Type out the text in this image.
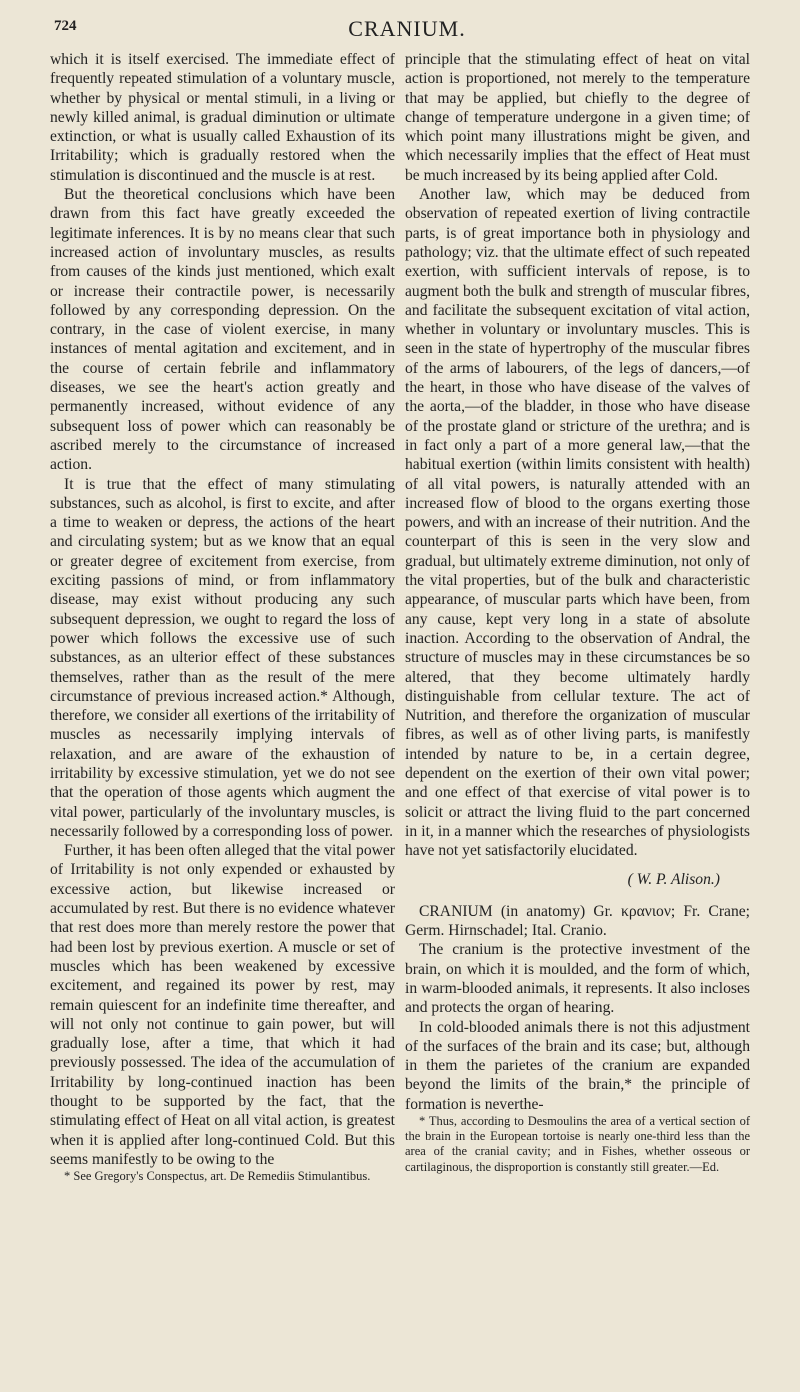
724	CRANIUM.

which it is itself exercised. The immediate effect of frequently repeated stimulation of a voluntary muscle, whether by physical or mental stimuli, in a living or newly killed animal, is gradual diminution or ultimate extinction, or what is usually called Exhaustion of its Irritability; which is gradually restored when the stimulation is discontinued and the muscle is at rest.

But the theoretical conclusions which have been drawn from this fact have greatly exceeded the legitimate inferences. It is by no means clear that such increased action of involuntary muscles, as results from causes of the kinds just mentioned, which exalt or increase their contractile power, is necessarily followed by any corresponding depression. On the contrary, in the case of violent exercise, in many instances of mental agitation and excitement, and in the course of certain febrile and inflammatory diseases, we see the heart's action greatly and permanently increased, without evidence of any subsequent loss of power which can reasonably be ascribed merely to the circumstance of increased action.

It is true that the effect of many stimulating substances, such as alcohol, is first to excite, and after a time to weaken or depress, the actions of the heart and circulating system; but as we know that an equal or greater degree of excitement from exercise, from exciting passions of mind, or from inflammatory disease, may exist without producing any such subsequent depression, we ought to regard the loss of power which follows the excessive use of such substances, as an ulterior effect of these substances themselves, rather than as the result of the mere circumstance of previous increased action.* Although, therefore, we consider all exertions of the irritability of muscles as necessarily implying intervals of relaxation, and are aware of the exhaustion of irritability by excessive stimulation, yet we do not see that the operation of those agents which augment the vital power, particularly of the involuntary muscles, is necessarily followed by a corresponding loss of power.

Further, it has been often alleged that the vital power of Irritability is not only expended or exhausted by excessive action, but likewise increased or accumulated by rest. But there is no evidence whatever that rest does more than merely restore the power that had been lost by previous exertion. A muscle or set of muscles which has been weakened by excessive excitement, and regained its power by rest, may remain quiescent for an indefinite time thereafter, and will not only not continue to gain power, but will gradually lose, after a time, that which it had previously possessed. The idea of the accumulation of Irritability by long-continued inaction has been thought to be supported by the fact, that the stimulating effect of Heat on all vital action, is greatest when it is applied after long-continued Cold. But this seems manifestly to be owing to the

* See Gregory's Conspectus, art. De Remediis Stimulantibus.

principle that the stimulating effect of heat on vital action is proportioned, not merely to the temperature that may be applied, but chiefly to the degree of change of temperature undergone in a given time; of which point many illustrations might be given, and which necessarily implies that the effect of Heat must be much increased by its being applied after Cold.

Another law, which may be deduced from observation of repeated exertion of living contractile parts, is of great importance both in physiology and pathology; viz. that the ultimate effect of such repeated exertion, with sufficient intervals of repose, is to augment both the bulk and strength of muscular fibres, and facilitate the subsequent excitation of vital action, whether in voluntary or involuntary muscles. This is seen in the state of hypertrophy of the muscular fibres of the arms of labourers, of the legs of dancers,—of the heart, in those who have disease of the valves of the aorta,—of the bladder, in those who have disease of the prostate gland or stricture of the urethra; and is in fact only a part of a more general law,—that the habitual exertion (within limits consistent with health) of all vital powers, is naturally attended with an increased flow of blood to the organs exerting those powers, and with an increase of their nutrition. And the counterpart of this is seen in the very slow and gradual, but ultimately extreme diminution, not only of the vital properties, but of the bulk and characteristic appearance, of muscular parts which have been, from any cause, kept very long in a state of absolute inaction. According to the observation of Andral, the structure of muscles may in these circumstances be so altered, that they become ultimately hardly distinguishable from cellular texture. The act of Nutrition, and therefore the organization of muscular fibres, as well as of other living parts, is manifestly intended by nature to be, in a certain degree, dependent on the exertion of their own vital power; and one effect of that exercise of vital power is to solicit or attract the living fluid to the part concerned in it, in a manner which the researches of physiologists have not yet satisfactorily elucidated.

( W. P. Alison.)

CRANIUM (in anatomy) Gr. κρανιον; Fr. Crane; Germ. Hirnschadel; Ital. Cranio.

The cranium is the protective investment of the brain, on which it is moulded, and the form of which, in warm-blooded animals, it represents. It also incloses and protects the organ of hearing.

In cold-blooded animals there is not this adjustment of the surfaces of the brain and its case; but, although in them the parietes of the cranium are expanded beyond the limits of the brain,* the principle of formation is neverthe-

* Thus, according to Desmoulins the area of a vertical section of the brain in the European tortoise is nearly one-third less than the area of the cranial cavity; and in Fishes, whether osseous or cartilaginous, the disproportion is constantly still greater.—Ed.
